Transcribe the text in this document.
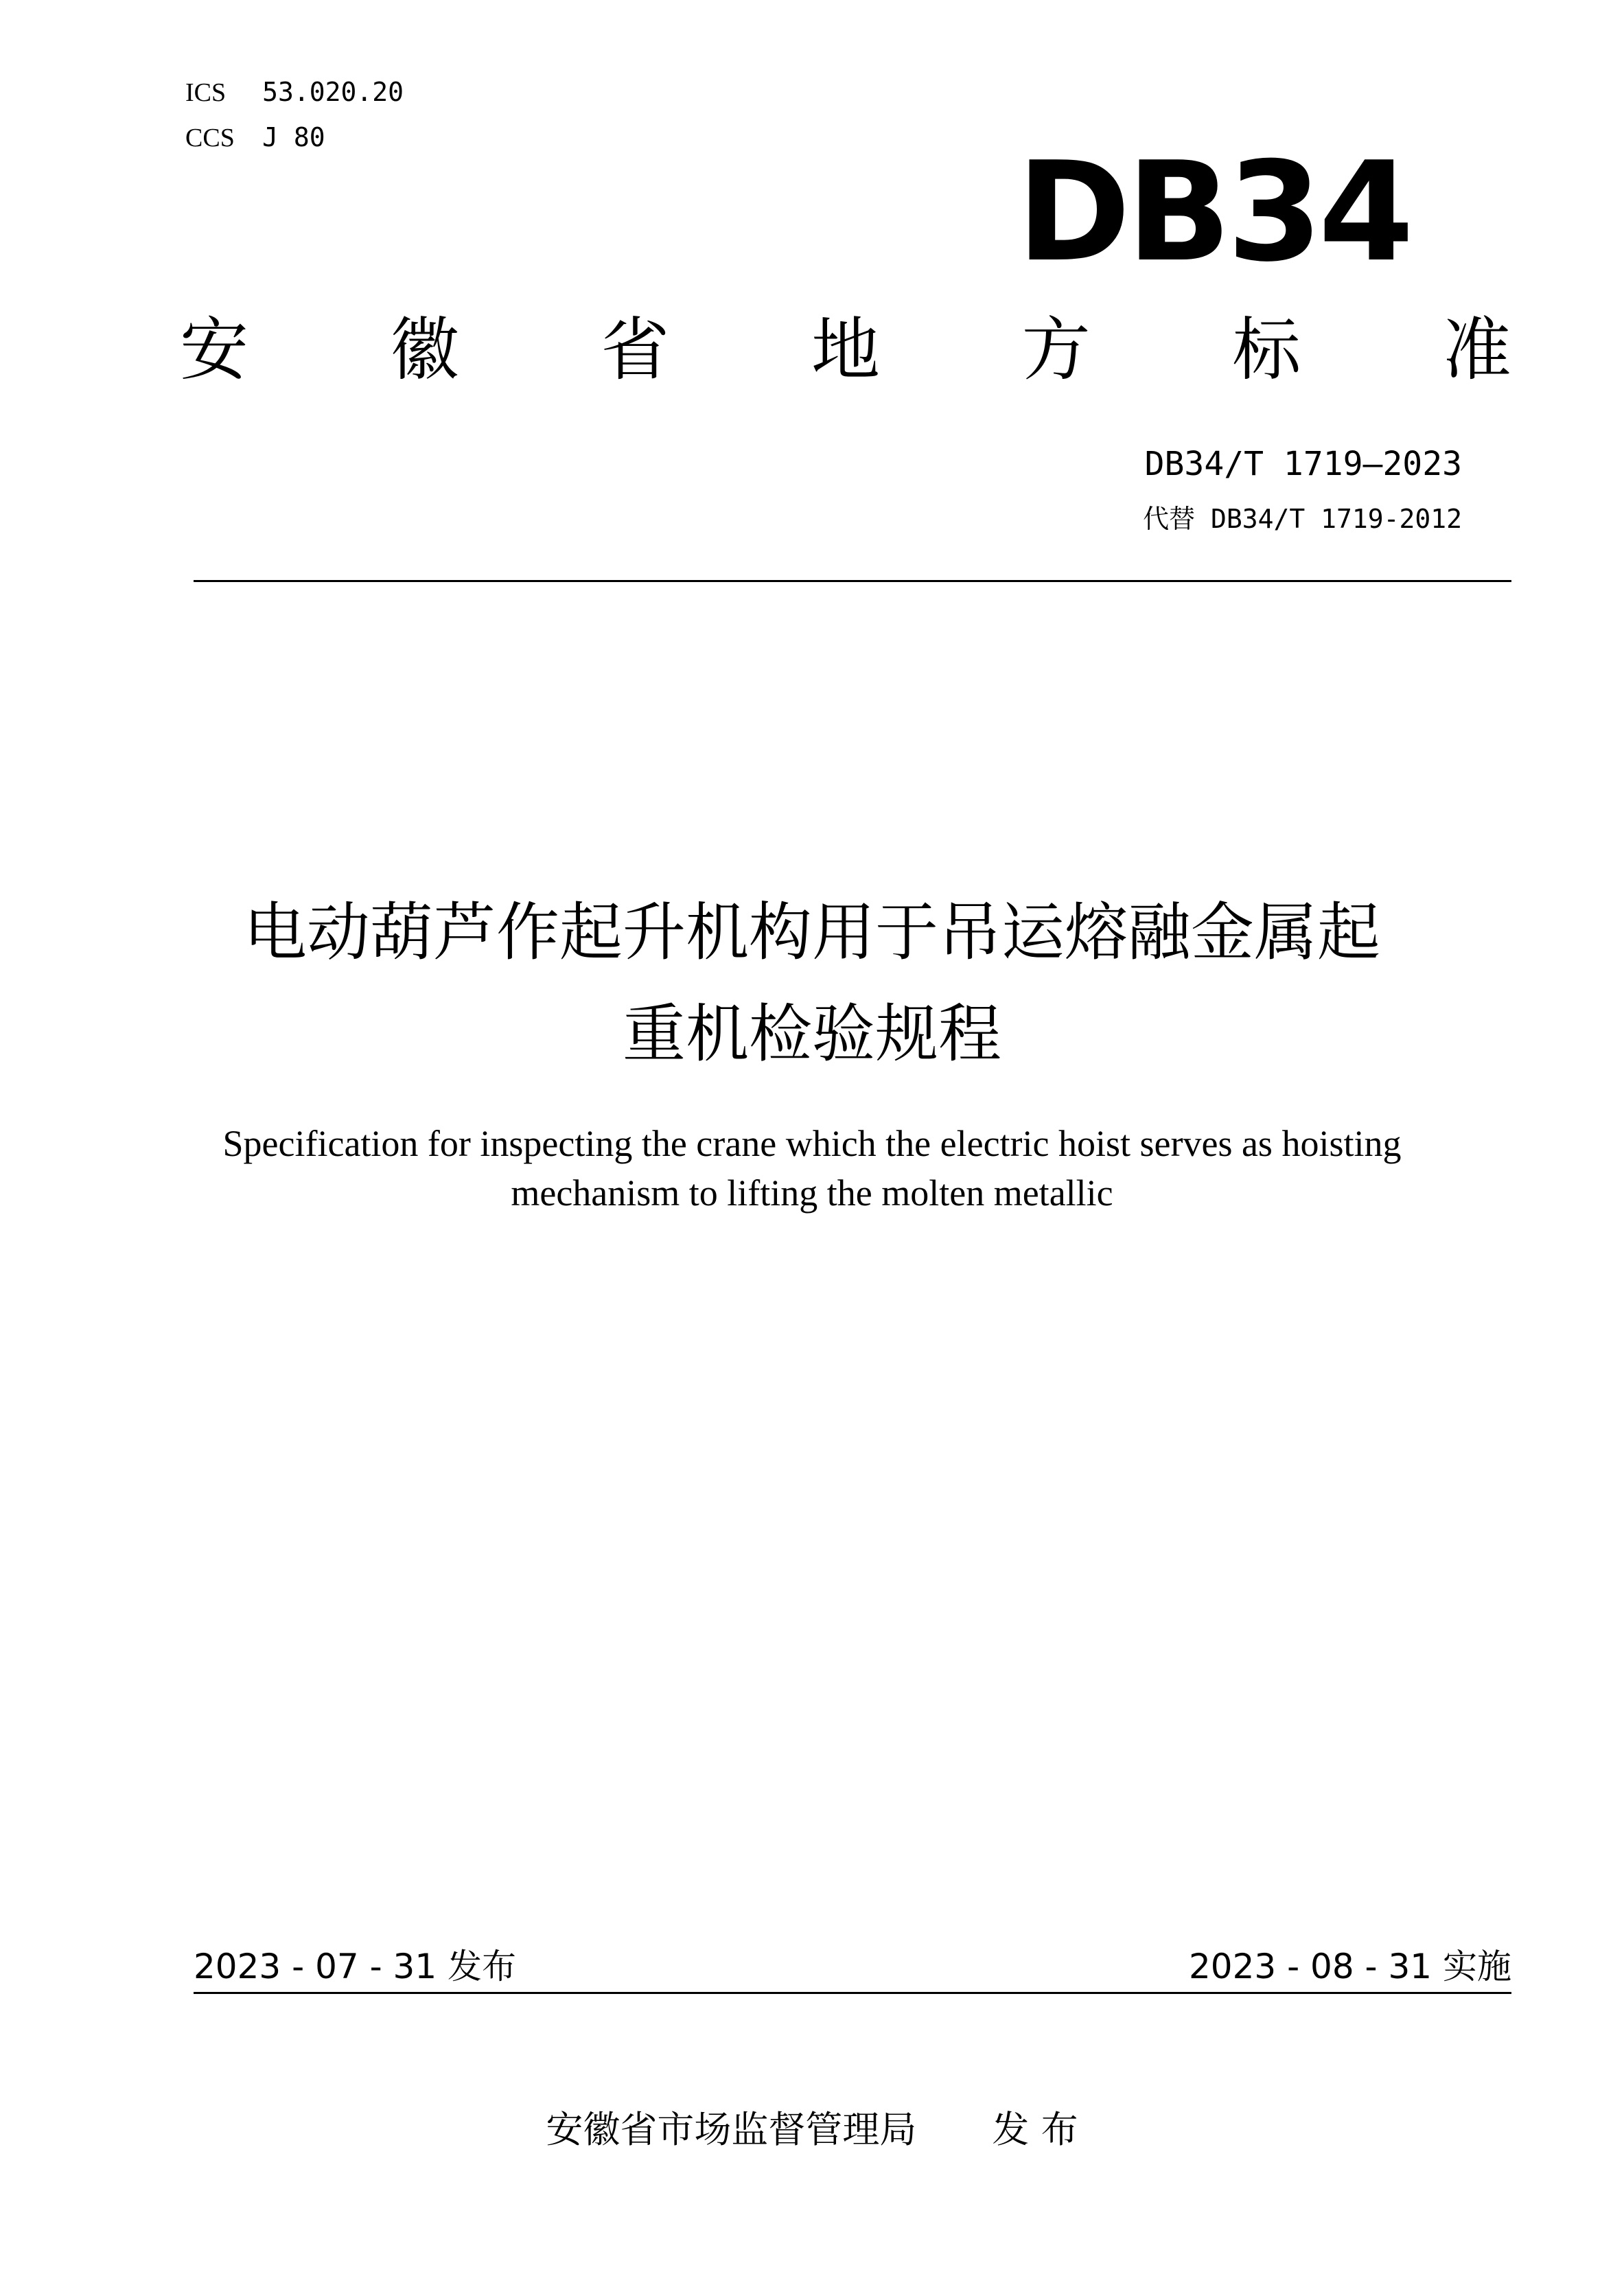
ICS 53.020.20
CCS J 80	DB34
安 徽 省 地 方 标 准
DB34/T 1719—2023
代替 DB34/T 1719-2012
电动葫芦作起升机构用于吊运熔融金属起
重机检验规程
Specification for inspecting the crane which the electric hoist serves as hoisting
mechanism to lifting the molten metallic
2023 - 07 - 31 发布	2023 - 08 - 31 实施
安徽省市场监督管理局 发 布
